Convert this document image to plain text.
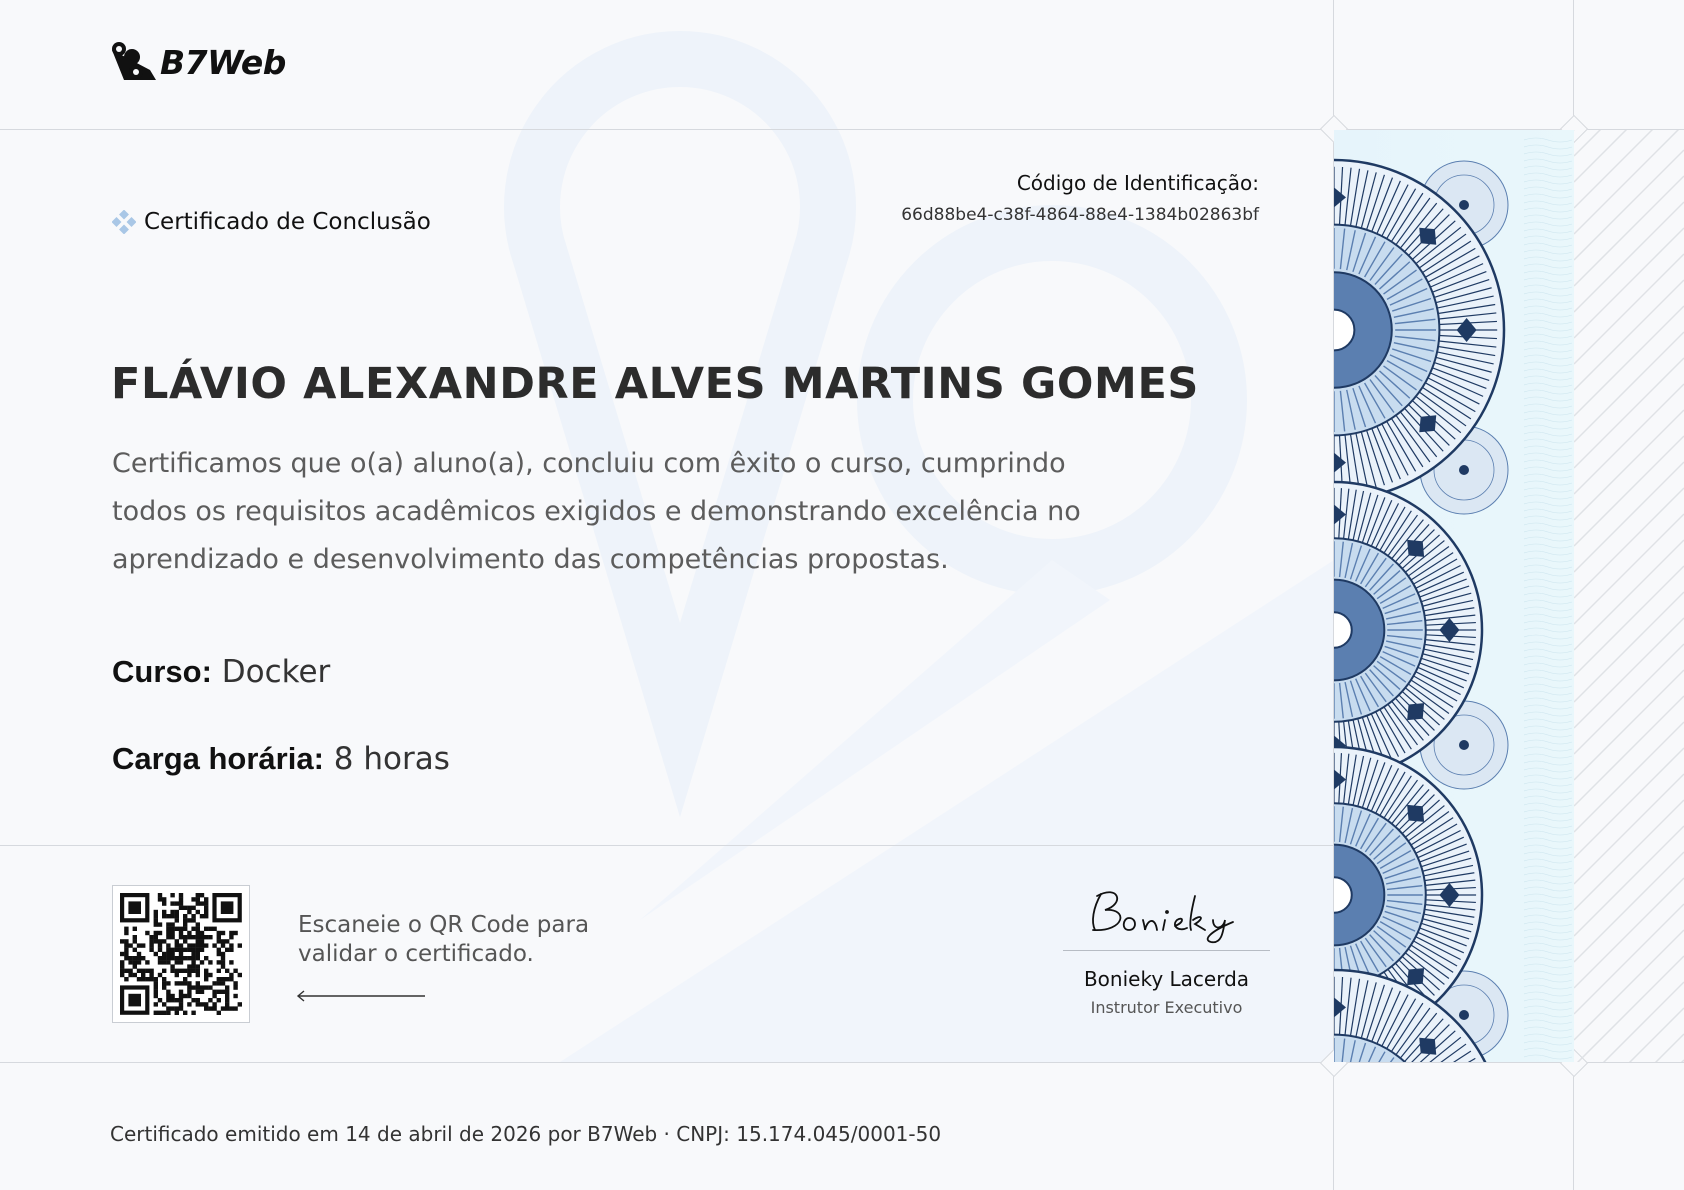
B7Web
Certificado de Conclusão
Código de Identificação:
66d88be4-c38f-4864-88e4-1384b02863bf
FLÁVIO ALEXANDRE ALVES MARTINS GOMES
Certificamos que o(a) aluno(a), concluiu com êxito o curso, cumprindo todos os requisitos acadêmicos exigidos e demonstrando excelência no aprendizado e desenvolvimento das competências propostas.
Curso: Docker
Carga horária: 8 horas
Escaneie o QR Code para
validar o certificado.
Bonieky Lacerda
Instrutor Executivo
Certificado emitido em 14 de abril de 2026 por B7Web · CNPJ: 15.174.045/0001-50
